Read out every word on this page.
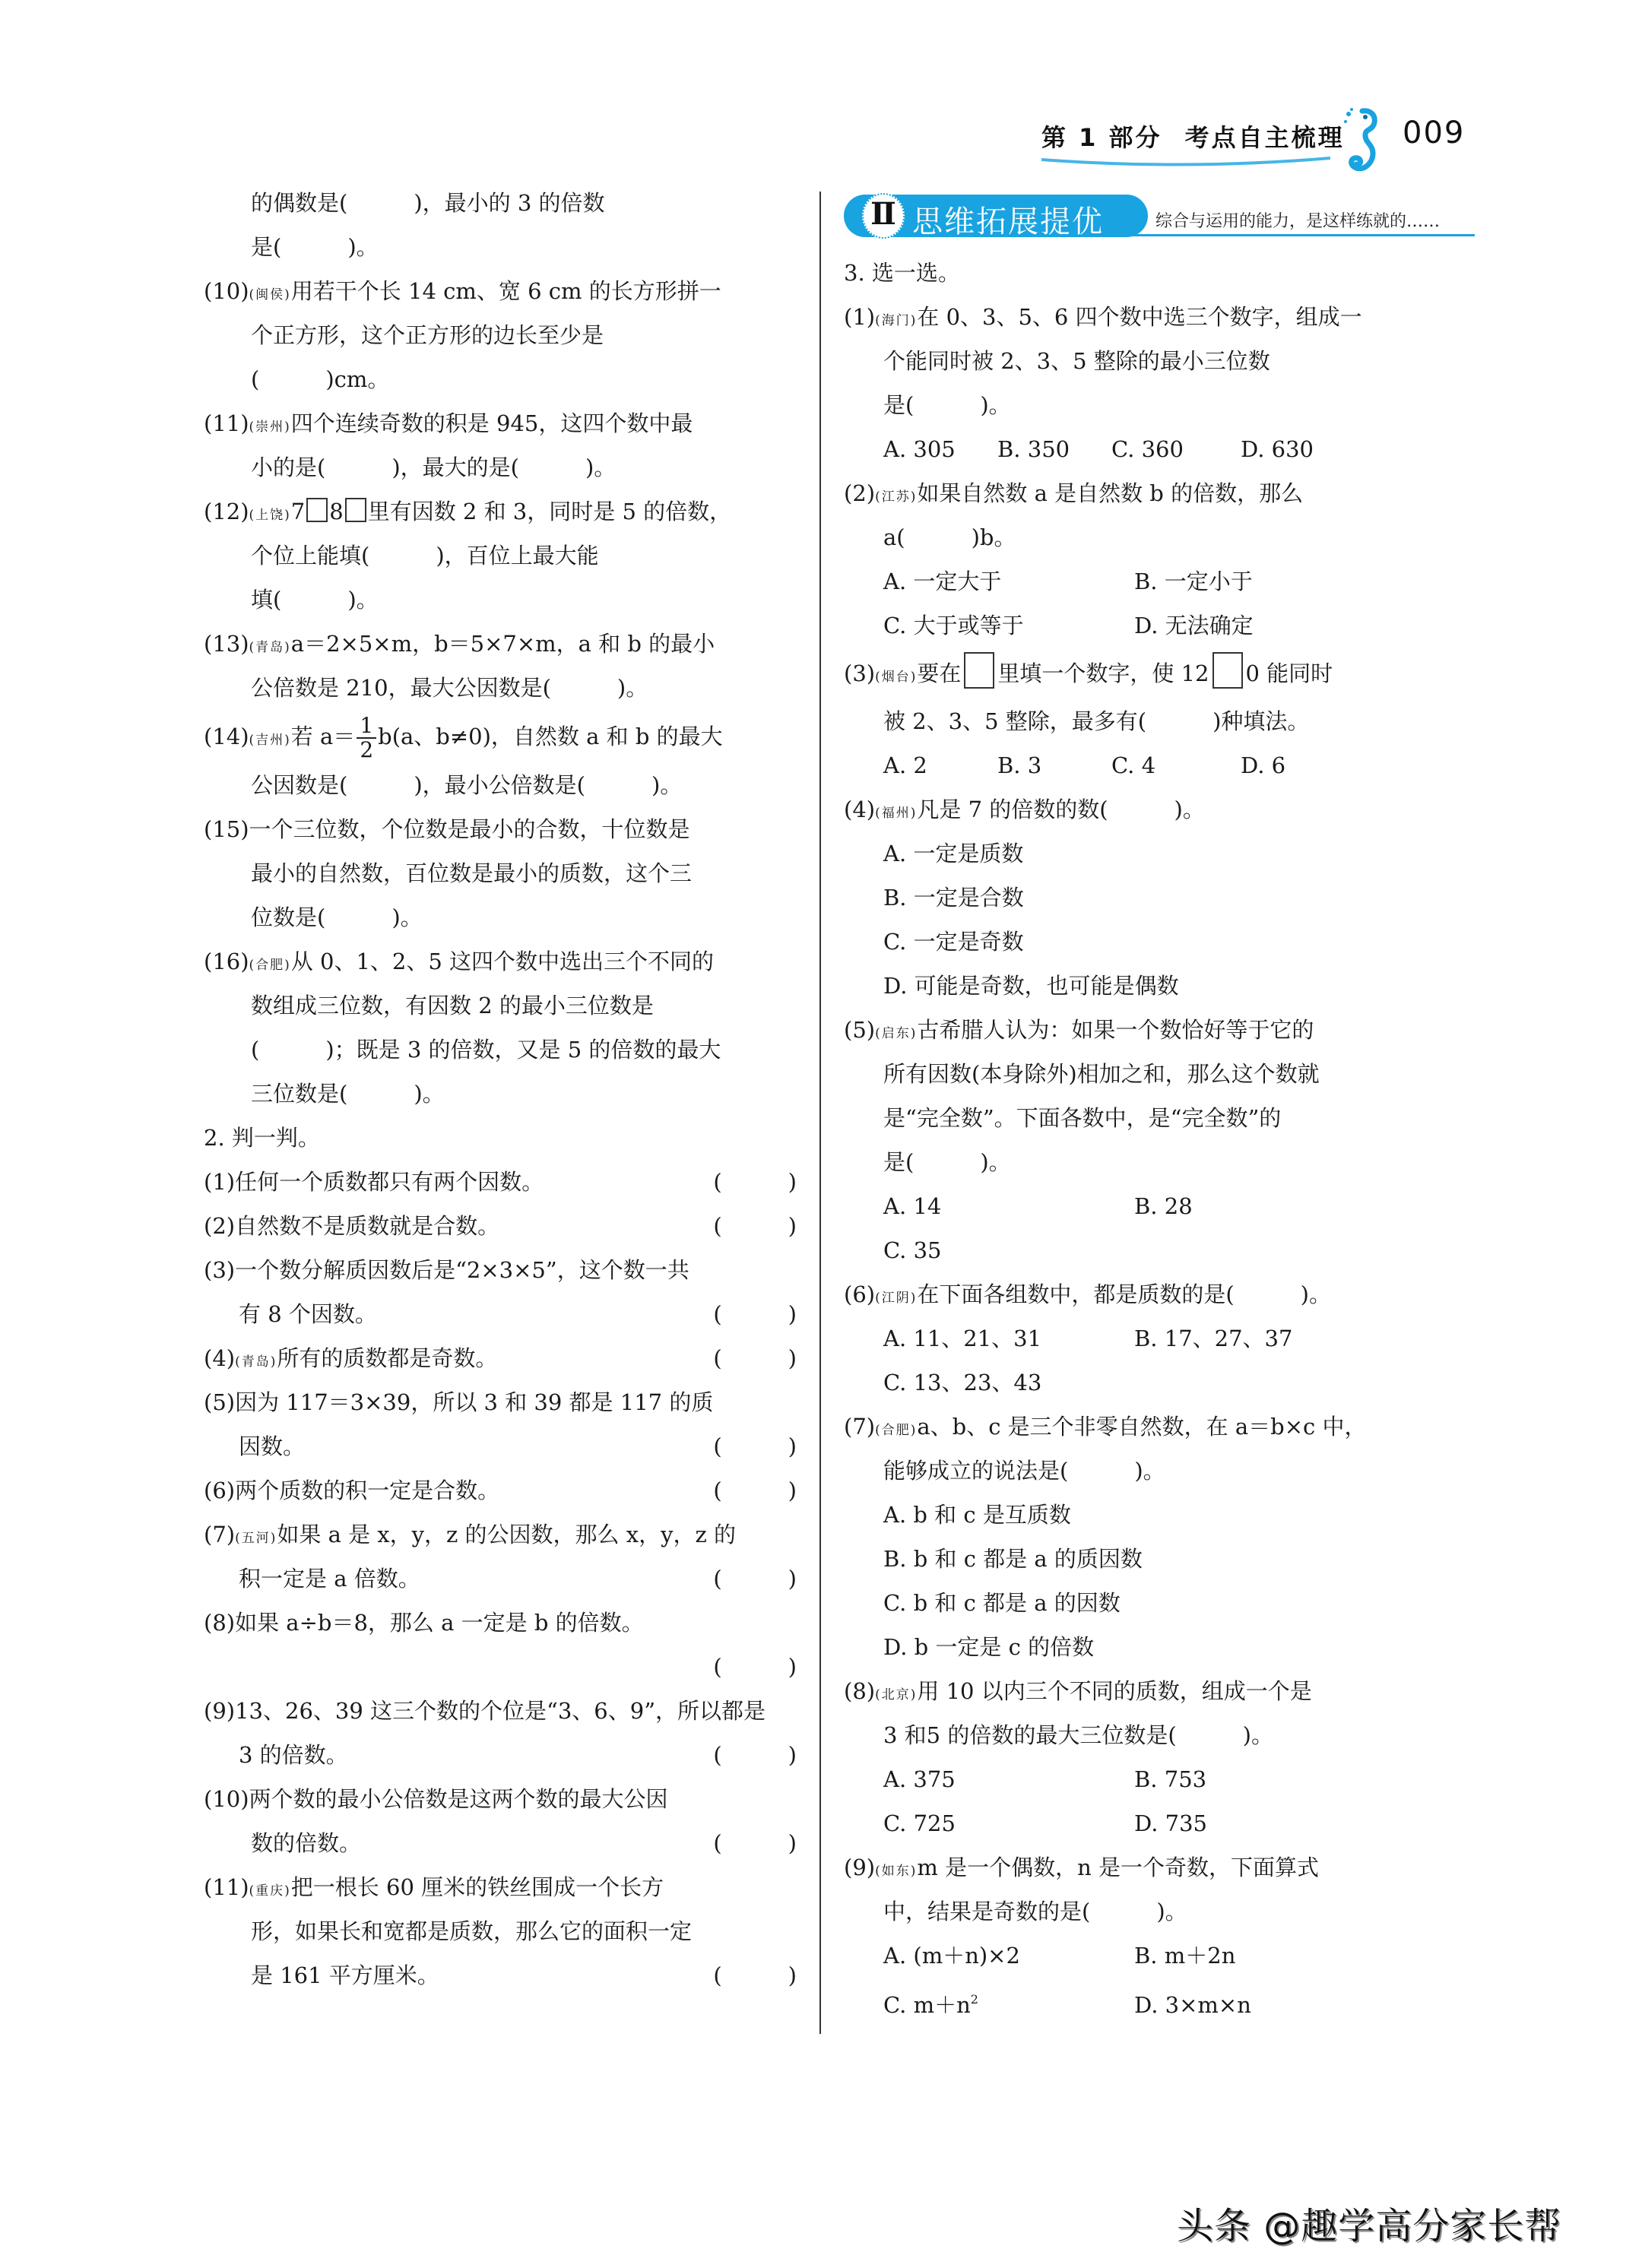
第 1 部分 考点自主梳理 009
的偶数是(　　　)，最小的 3 的倍数
是(　　　)。
(10)(闽侯)用若干个长 14 cm、宽 6 cm 的长方形拼一
个正方形，这个正方形的边长至少是
(　　　)cm。
(11)(崇州)四个连续奇数的积是 945，这四个数中最
小的是(　　　)，最大的是(　　　)。
(12)(上饶)7 8 里有因数 2 和 3，同时是 5 的倍数，
个位上能填(　　　)，百位上最大能
填(　　　)。
(13)(青岛)a＝2×5×m，b＝5×7×m，a 和 b 的最小
公倍数是 210，最大公因数是(　　　)。
(14)(吉州)若 $a= \frac{1}{2} b(a$、b≠0)，自然数 a 和 b 的最大
公因数是(　　　)，最小公倍数是(　　　)。
(15)一个三位数，个位数是最小的合数，十位数是
最小的自然数，百位数是最小的质数，这个三
位数是(　　　)。
(16)(合肥)从 0、1、2、5 这四个数中选出三个不同的
数组成三位数，有因数 2 的最小三位数是
(　　　)；既是 3 的倍数，又是 5 的倍数的最大
三位数是(　　　)。
2. 判一判。
(1)任何一个质数都只有两个因数。	(　　　)
(2)自然数不是质数就是合数。	(　　　)
(3)一个数分解质因数后是“2×3×5”，这个数一共
有 8 个因数。	(　　　)
(4)(青岛)所有的质数都是奇数。	(　　　)
(5)因为 117＝3×39，所以 3 和 39 都是 117 的质
因数。	(　　　)
(6)两个质数的积一定是合数。	(　　　)
(7)(五河)如果 a 是 x，y，z 的公因数，那么 x，y，z 的
积一定是 a 倍数。	(　　　)
(8)如果 a÷b＝8，那么 a 一定是 b 的倍数。
(　　　)
(9)13、26、39 这三个数的个位是“3、6、9”，所以都是
3 的倍数。	(　　　)
(10)两个数的最小公倍数是这两个数的最大公因
数的倍数。	(　　　)
(11)(重庆)把一根长 60 厘米的铁丝围成一个长方
形，如果长和宽都是质数，那么它的面积一定
是 161 平方厘米。	(　　　)
Ⅱ 思维拓展提优	综合与运用的能力，是这样练就的……
3. 选一选。
(1)(海门)在 0、3、5、6 四个数中选三个数字，组成一
个能同时被 2、3、5 整除的最小三位数
是(　　　)。
A. 305 B. 350 C. 360	D. 630
(2)(江苏)如果自然数 a 是自然数 b 的倍数，那么
a(　　　)b。
A. 一定大于	B. 一定小于
C. 大于或等于	D. 无法确定
(3)(烟台)要在 里填一个数字，使 12 0 能同时
被 2、3、5 整除，最多有(　　　)种填法。
A. 2	B. 3	C. 4	D. 6
(4)(福州)凡是 7 的倍数的数(　　　)。
A. 一定是质数
B. 一定是合数
C. 一定是奇数
D. 可能是奇数，也可能是偶数
(5)(启东)古希腊人认为：如果一个数恰好等于它的
所有因数(本身除外)相加之和，那么这个数就
是“完全数”。下面各数中，是“完全数”的
是(　　　)。
A. 14	B. 28
C. 35
(6)(江阴)在下面各组数中，都是质数的是(　　　)。
A. 11、21、31	B. 17、27、37
C. 13、23、43
(7)(合肥)a、b、c 是三个非零自然数，在 a＝b×c 中，
能够成立的说法是(　　　)。
A. b 和 c 是互质数
B. b 和 c 都是 a 的质因数
C. b 和 c 都是 a 的因数
D. b 一定是 c 的倍数
(8)(北京)用 10 以内三个不同的质数，组成一个是
3 和5 的倍数的最大三位数是(　　　)。
A. 375	B. 753
C. 725	D. 735
(9)(如东)m 是一个偶数，n 是一个奇数，下面算式
中，结果是奇数的是(　　　)。
A. (m＋n)×2	B. m＋2n
C. $m+n^2$	D. 3×m×n
头条 @趣学高分家长帮
